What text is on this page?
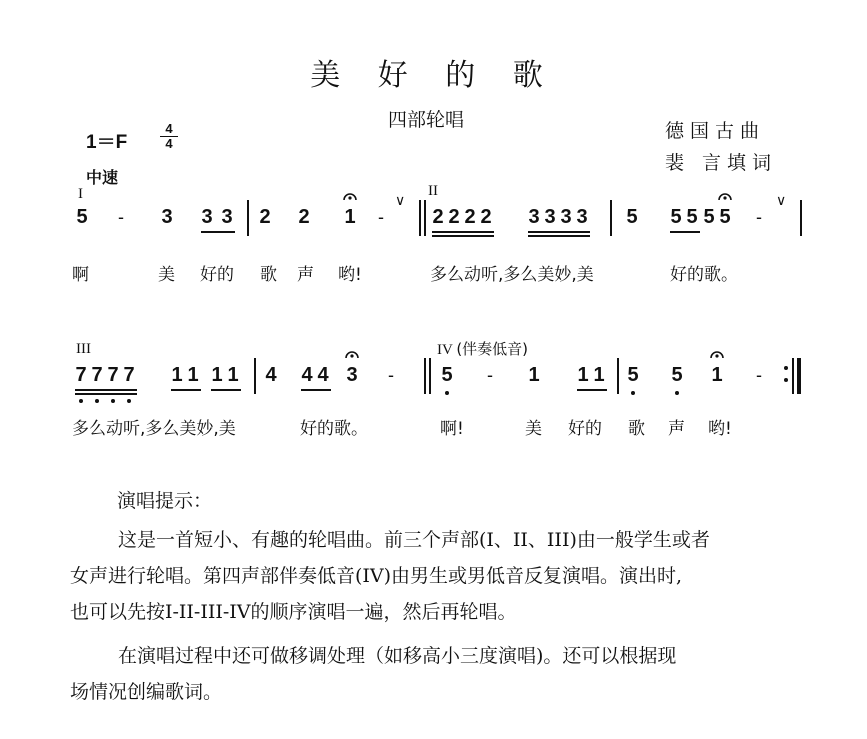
美 好 的 歌
四部轮唱	德国古曲
裴 言填词
1＝F
4
4
中速
I	II
5 - 3 3 3 2 2 1 -
∨
2 2 2 2 3 3 3 3 5 5 5 5 5 -
∨
啊	美 好的 歌 声 哟!	多么动听,多么美妙,美	好的歌。
III	IV (伴奏低音)
7 7 7 7 1 1 1 1 4 4 4 3 - 5 - 1 1 1 5 5 1 -
多么动听,多么美妙,美	好的歌。	啊!	美 好的 歌 声 哟!
演唱提示：
这是一首短小、有趣的轮唱曲。前三个声部(I、II、III)由一般学生或者
女声进行轮唱。第四声部伴奏低音(IV)由男生或男低音反复演唱。演出时,
也可以先按I-II-III-IV的顺序演唱一遍，然后再轮唱。
在演唱过程中还可做移调处理（如移高小三度演唱)。还可以根据现
场情况创编歌词。
